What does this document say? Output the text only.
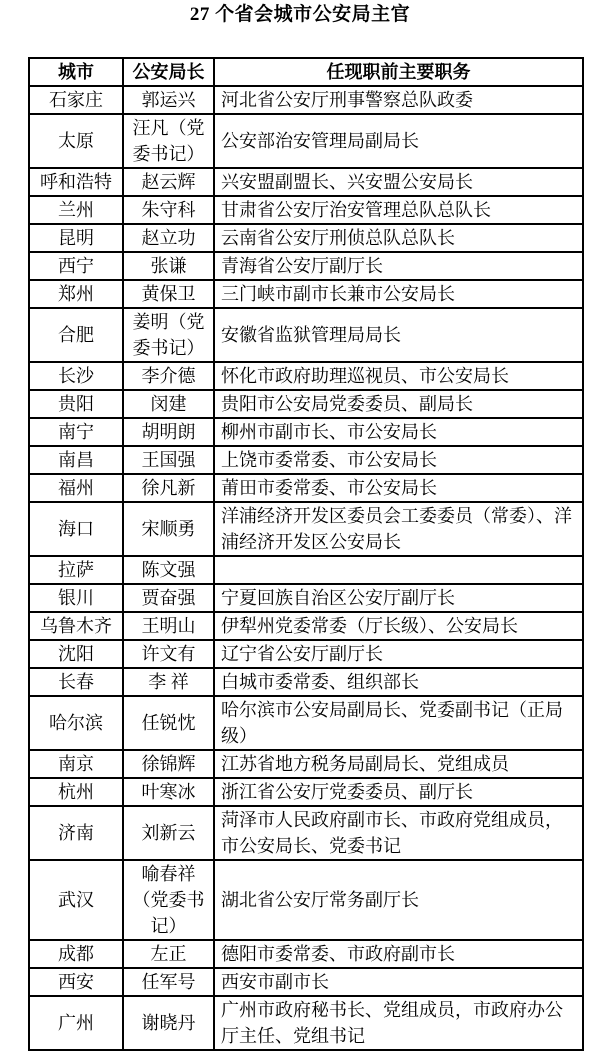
27 个省会城市公安局主官
城市	公安局长	任现职前主要职务
石家庄	郭运兴	河北省公安厅刑事警察总队政委
太原	汪凡（党委书记）	公安部治安管理局副局长
呼和浩特	赵云辉	兴安盟副盟长、兴安盟公安局长
兰州	朱守科	甘肃省公安厅治安管理总队总队长
昆明	赵立功	云南省公安厅刑侦总队总队长
西宁	张谦	青海省公安厅副厅长
郑州	黄保卫	三门峡市副市长兼市公安局长
合肥	姜明（党委书记）	安徽省监狱管理局局长
长沙	李介德	怀化市政府助理巡视员、市公安局长
贵阳	闵建	贵阳市公安局党委委员、副局长
南宁	胡明朗	柳州市副市长、市公安局长
南昌	王国强	上饶市委常委、市公安局长
福州	徐凡新	莆田市委常委、市公安局长
海口	宋顺勇	洋浦经济开发区委员会工委委员（常委）、洋浦经济开发区公安局长
拉萨	陈文强	
银川	贾奋强	宁夏回族自治区公安厅副厅长
乌鲁木齐	王明山	伊犁州党委常委（厅长级）、公安局长
沈阳	许文有	辽宁省公安厅副厅长
长春	李 祥	白城市委常委、组织部长
哈尔滨	任锐忱	哈尔滨市公安局副局长、党委副书记（正局级）
南京	徐锦辉	江苏省地方税务局副局长、党组成员
杭州	叶寒冰	浙江省公安厅党委委员、副厅长
济南	刘新云	菏泽市人民政府副市长、市政府党组成员，市公安局长、党委书记
武汉	喻春祥（党委书记）	湖北省公安厅常务副厅长
成都	左正	德阳市委常委、市政府副市长
西安	任军号	西安市副市长
广州	谢晓丹	广州市政府秘书长、党组成员，市政府办公厅主任、党组书记
